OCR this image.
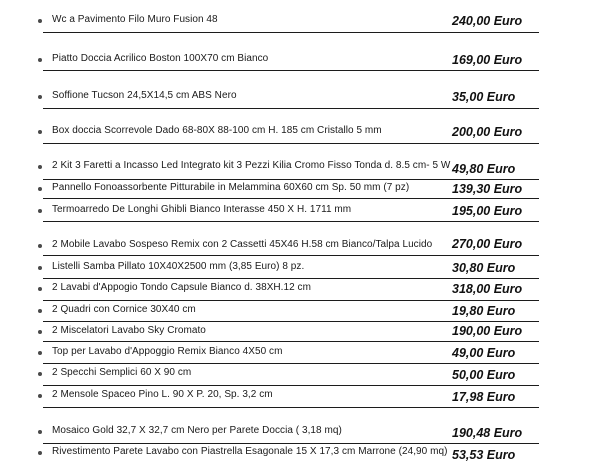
Wc a Pavimento Filo Muro Fusion 48	240,00 Euro
Piatto Doccia Acrilico Boston 100X70 cm Bianco	169,00 Euro
Soffione Tucson 24,5X14,5 cm ABS Nero	35,00 Euro
Box doccia Scorrevole Dado 68-80X 88-100 cm H. 185 cm Cristallo 5 mm	200,00 Euro
2 Kit 3 Faretti a Incasso Led Integrato kit 3 Pezzi Kilia Cromo Fisso Tonda d. 8.5 cm- 5 W 49,80 Euro
Pannello Fonoassorbente Pitturabile in Melammina 60X60 cm Sp. 50 mm (7 pz)	139,30 Euro
Termoarredo De Longhi Ghibli Bianco Interasse 450 X H. 1711 mm	195,00 Euro
2 Mobile Lavabo Sospeso Remix con 2 Cassetti 45X46 H.58 cm Bianco/Talpa Lucido 270,00 Euro
Listelli Samba Pillato 10X40X2500 mm (3,85 Euro) 8 pz.	30,80 Euro
2 Lavabi d'Appogio Tondo Capsule Bianco d. 38XH.12 cm	318,00 Euro
2 Quadri con Cornice 30X40 cm	19,80 Euro
2 Miscelatori Lavabo Sky Cromato	190,00 Euro
Top per Lavabo d'Appoggio Remix Bianco 4X50 cm	49,00 Euro
2 Specchi Semplici 60 X 90 cm	50,00 Euro
2 Mensole Spaceo Pino L. 90 X P. 20, Sp. 3,2 cm	17,98 Euro
Mosaico Gold 32,7 X 32,7 cm Nero per Parete Doccia ( 3,18 mq)	190,48 Euro
Rivestimento Parete Lavabo con Piastrella Esagonale 15 X 17,3 cm Marrone (24,90 mq) 53,53 Euro
